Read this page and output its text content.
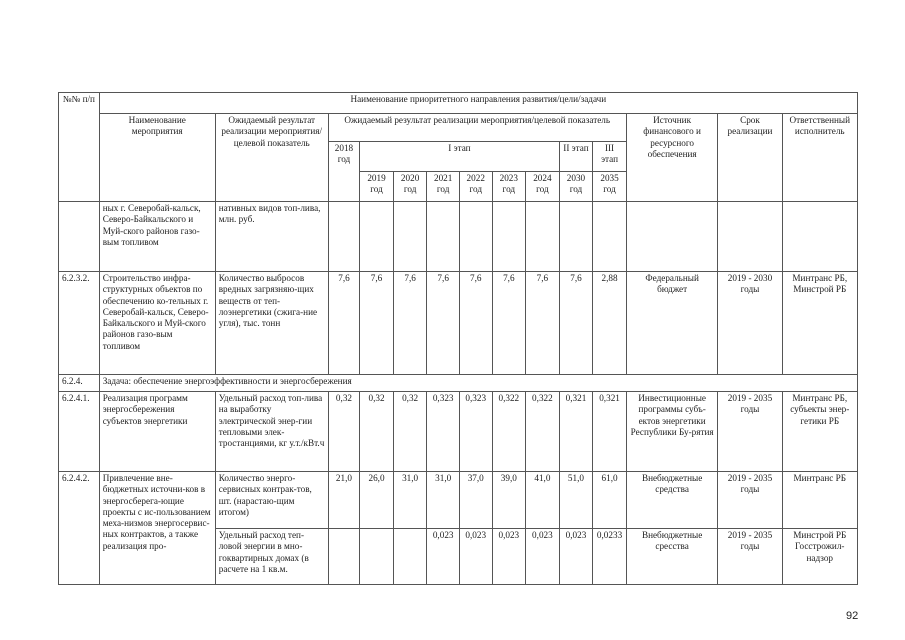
№№ п/п	Наименование приоритетного направления развития/цели/задачи													
	Наименование мероприятия	Ожидаемый результат реализации мероприятия/целевой показатель	Ожидаемый результат реализации мероприятия/целевой показатель									Источник финансового и ресурсного обеспечения	Срок реализации	Ответственный исполнитель
			2018 год	I этап						II этап	III этап			
				2019 год	2020 год	2021 год	2022 год	2023 год	2024 год	2030 год	2035 год			
	ных г. Северобай-кальск, Северо-Байкальского и Муй-ского районов газо-вым топливом	нативных видов топ-лива, млн. руб.												
6.2.3.2.	Строительство инфра-структурных объектов по обеспечению ко-тельных г. Северобай-кальск, Северо-Байкальского и Муй-ского районов газо-вым топливом	Количество выбросов вредных загрязняю-щих веществ от теп-лоэнергетики (сжига-ние угля), тыс. тонн	7,6	7,6	7,6	7,6	7,6	7,6	7,6	7,6	2,88	Федеральный бюджет	2019 - 2030 годы	Минтранс РБ, Минстрой РБ
6.2.4.	Задача: обеспечение энергоэффективности и энергосбережения													
6.2.4.1.	Реализация программ энергосбережения субъектов энергетики	Удельный расход топ-лива на выработку электрической энер-гии тепловыми элек-тростанциями, кг у.т./кВт.ч	0,32	0,32	0,32	0,323	0,323	0,322	0,322	0,321	0,321	Инвестиционные программы субъ-ектов энергетики Республики Бу-рятия	2019 - 2035 годы	Минтранс РБ, субъекты энер-гетики РБ
6.2.4.2.	Привлечение вне-бюджетных источни-ков в энергосберега-ющие проекты с ис-пользованием меха-низмов энергосервис-ных контрактов, а также реализация про-	Количество энерго-сервисных контрак-тов, шт. (нарастаю-щим итогом)	21,0	26,0	31,0	31,0	37,0	39,0	41,0	51,0	61,0	Внебюджетные средства	2019 - 2035 годы	Минтранс РБ
		Удельный расход теп-ловой энергии в мно-гоквартирных домах (в расчете на 1 кв.м.				0,023	0,023	0,023	0,023	0,023	0,0233	Внебюджетные сресства	2019 - 2035 годы	Минстрой РБ Госстрожил-надзор
92
